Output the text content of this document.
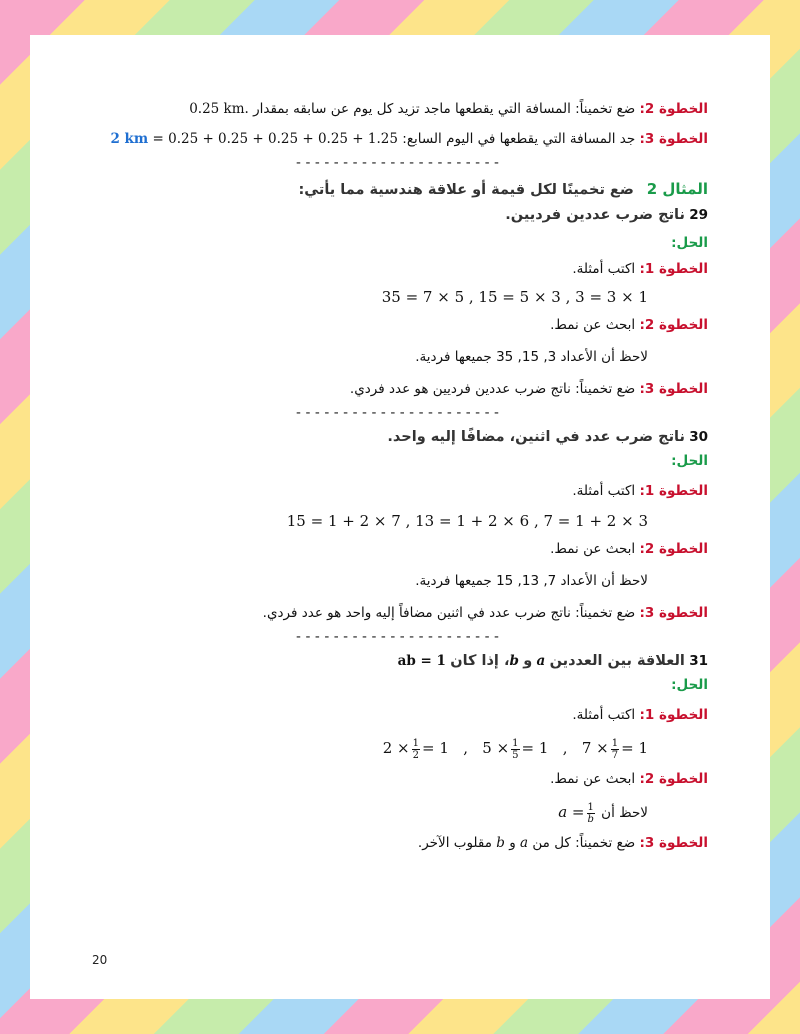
الخطوة 2: ضع تخميناً: المسافة التي يقطعها ماجد تزيد كل يوم عن سابقه بمقدار 0.25 km.
الخطوة 3: جد المسافة التي يقطعها في اليوم السابع: 2 km = 0.25 + 0.25 + 0.25 + 0.25 + 1.25
----------------------
المثال 2   ضع تخمينًا لكل قيمة أو علاقة هندسية مما يأتي:
29 ناتج ضرب عددين فرديين.
الحل:
الخطوة 1: اكتب أمثلة.
1 × 3 = 3 , 3 × 5 = 15 , 5 × 7 = 35
الخطوة 2: ابحث عن نمط.
لاحظ أن الأعداد 3, 15, 35 جميعها فردية.
الخطوة 3: ضع تخميناً: ناتج ضرب عددين فرديين هو عدد فردي.
----------------------
30 ناتج ضرب عدد في اثنين، مضافًا إليه واحد.
الحل:
الخطوة 1: اكتب أمثلة.
3 × 2 + 1 = 7 , 6 × 2 + 1 = 13 , 7 × 2 + 1 = 15
الخطوة 2: ابحث عن نمط.
لاحظ أن الأعداد 7, 13, 15 جميعها فردية.
الخطوة 3: ضع تخميناً: ناتج ضرب عدد في اثنين مضافاً إليه واحد هو عدد فردي.
----------------------
31 العلاقة بين العددين a و b، إذا كان ab = 1
الحل:
الخطوة 1: اكتب أمثلة.
$2 \times \frac{1}{2} = 1$ , $5 \times \frac{1}{5} = 1$ , $7 \times \frac{1}{7} = 1$
الخطوة 2: ابحث عن نمط.
لاحظ أن $a = \frac{1}{b}$
الخطوة 3: ضع تخميناً: كل من a و b مقلوب الآخر.
20
